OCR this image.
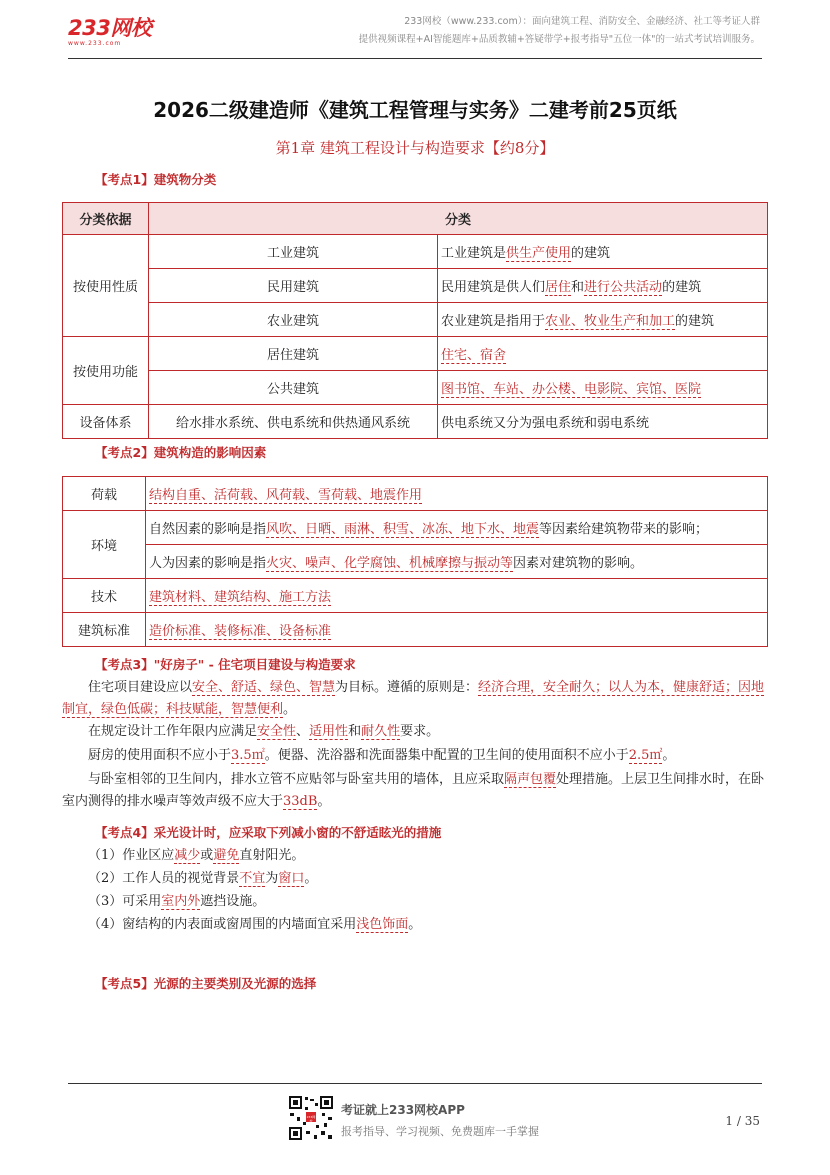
233网校
www.233.com
233网校（www.233.com）：面向建筑工程、消防安全、金融经济、社工等考证人群
提供视频课程+AI智能题库+品质教辅+答疑带学+报考指导"五位一体"的一站式考试培训服务。
2026二级建造师《建筑工程管理与实务》二建考前25页纸
第1章 建筑工程设计与构造要求【约8分】
【考点1】建筑物分类
分类依据	分类	
按使用性质	工业建筑	工业建筑是供生产使用的建筑
	民用建筑	民用建筑是供人们居住和进行公共活动的建筑
	农业建筑	农业建筑是指用于农业、牧业生产和加工的建筑
按使用功能	居住建筑	住宅、宿舍
	公共建筑	图书馆、车站、办公楼、电影院、宾馆、医院
设备体系	给水排水系统、供电系统和供热通风系统	供电系统又分为强电系统和弱电系统
【考点2】建筑构造的影响因素
荷载	结构自重、活荷载、风荷载、雪荷载、地震作用
环境	自然因素的影响是指风吹、日晒、雨淋、积雪、冰冻、地下水、地震等因素给建筑物带来的影响；
	人为因素的影响是指火灾、噪声、化学腐蚀、机械摩擦与振动等因素对建筑物的影响。
技术	建筑材料、建筑结构、施工方法
建筑标准	造价标准、装修标准、设备标准
【考点3】"好房子" - 住宅项目建设与构造要求
住宅项目建设应以安全、舒适、绿色、智慧为目标。遵循的原则是：经济合理，安全耐久；以人为本，健康舒适；因地制宜，绿色低碳；科技赋能，智慧便利。
在规定设计工作年限内应满足安全性、适用性和耐久性要求。
厨房的使用面积不应小于3.5㎡。便器、洗浴器和洗面器集中配置的卫生间的使用面积不应小于2.5㎡。
与卧室相邻的卫生间内，排水立管不应贴邻与卧室共用的墙体，且应采取隔声包覆处理措施。上层卫生间排水时，在卧室内测得的排水噪声等效声级不应大于33dB。
【考点4】采光设计时，应采取下列减小窗的不舒适眩光的措施
（1）作业区应减少或避免直射阳光。
（2）工作人员的视觉背景不宜为窗口。
（3）可采用室内外遮挡设施。
（4）窗结构的内表面或窗周围的内墙面宜采用浅色饰面。
【考点5】光源的主要类别及光源的选择
233网校
考证就上233网校APP
报考指导、学习视频、免费题库一手掌握
1 / 35
